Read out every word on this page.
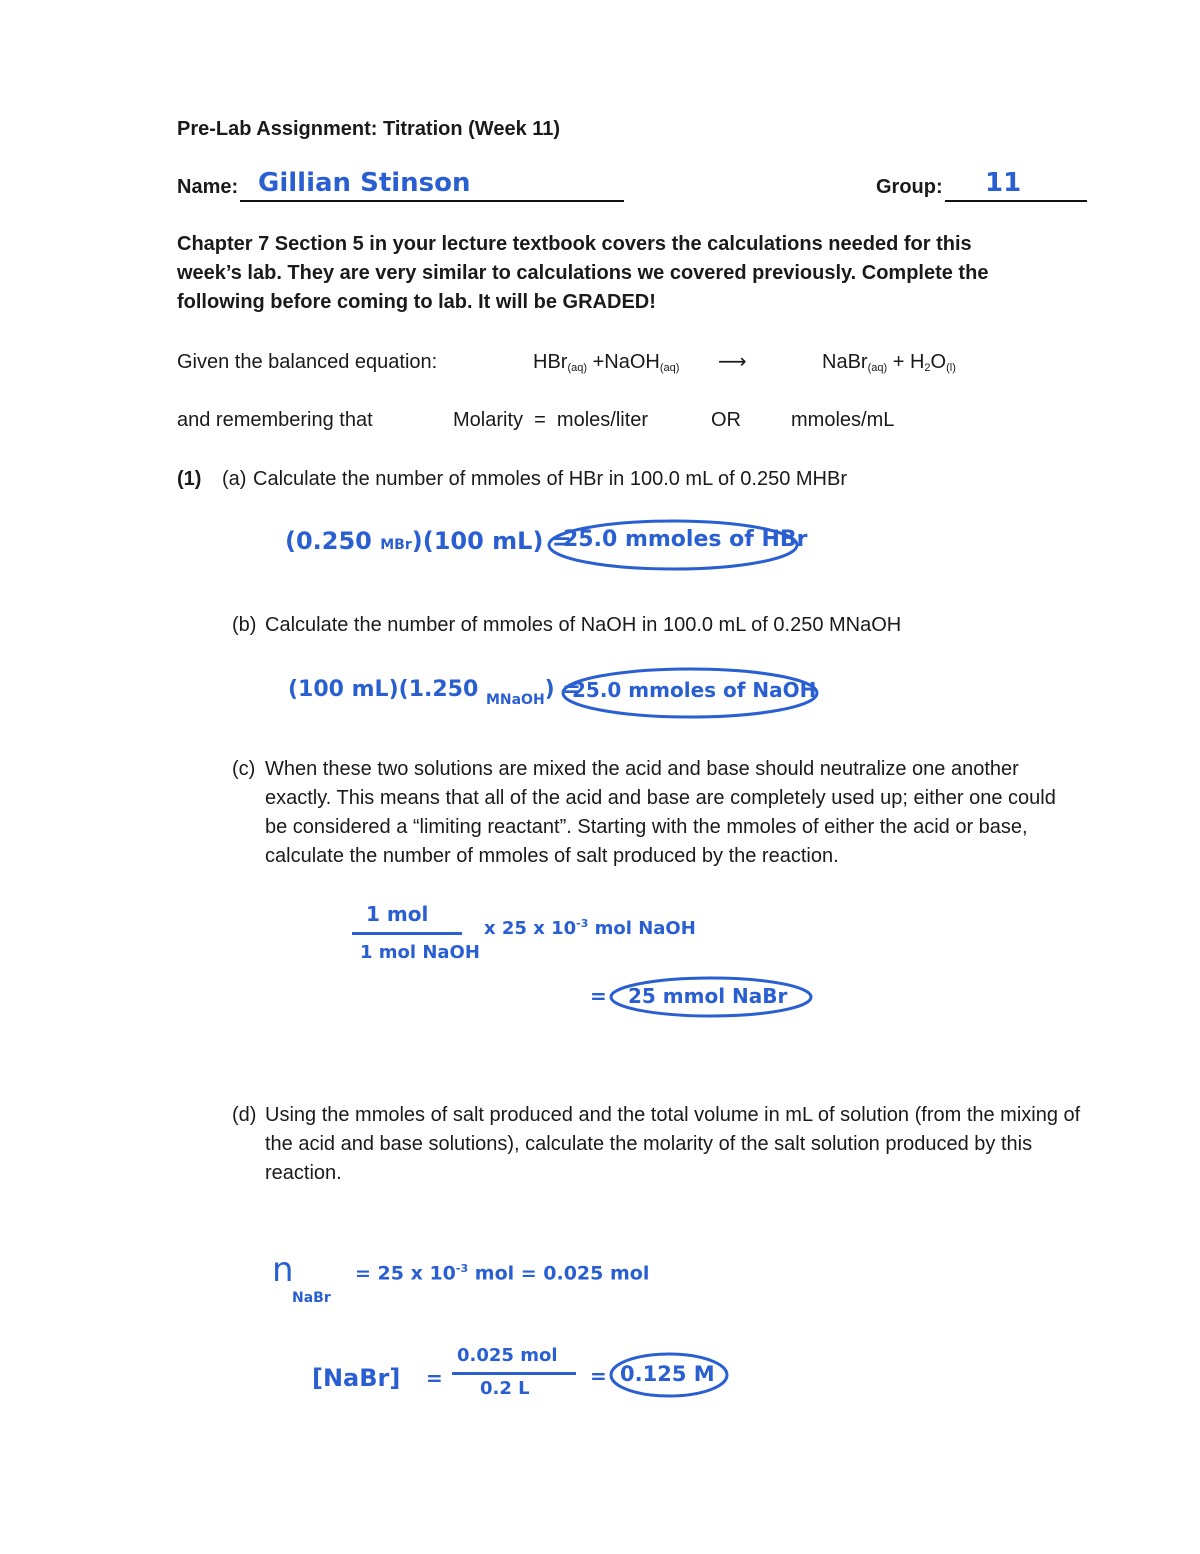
Pre-Lab Assignment: Titration (Week 11)
Name: Gillian Stinson	Group: 11
Chapter 7 Section 5 in your lecture textbook covers the calculations needed for this week’s lab. They are very similar to calculations we covered previously. Complete the following before coming to lab. It will be GRADED!
Given the balanced equation:	HBr$_{(aq)}$ +NaOH$_{(aq)}$ ⟶	NaBr$_{(aq)}$ + $H_2O_{(l)}$
and remembering that	Molarity  =  moles/liter	OR	mmoles/mL
(1) (a) Calculate the number of mmoles of HBr in 100.0 mL of 0.250 MHBr
(0.250 MBr)(100 mL) =
25.0 mmoles of HBr
(b) Calculate the number of mmoles of NaOH in 100.0 mL of 0.250 MNaOH
(100 mL)(1.250 $_{MNaOH}$) =
25.0 mmoles of NaOH
(c) When these two solutions are mixed the acid and base should neutralize one another exactly. This means that all of the acid and base are completely used up; either one could be considered a “limiting reactant”. Starting with the mmoles of either the acid or base, calculate the number of mmoles of salt produced by the reaction.
1 mol
1 mol NaOH
x 25 x $10^{-3}$ mol NaOH
= 25 mmol NaBr
(d) Using the mmoles of salt produced and the total volume in mL of solution (from the mixing of the acid and base solutions), calculate the molarity of the salt solution produced by this reaction.
n
NaBr
= 25 x $10^{-3}$ mol = 0.025 mol
[NaBr] =
0.025 mol
0.2 L
= 0.125 M
